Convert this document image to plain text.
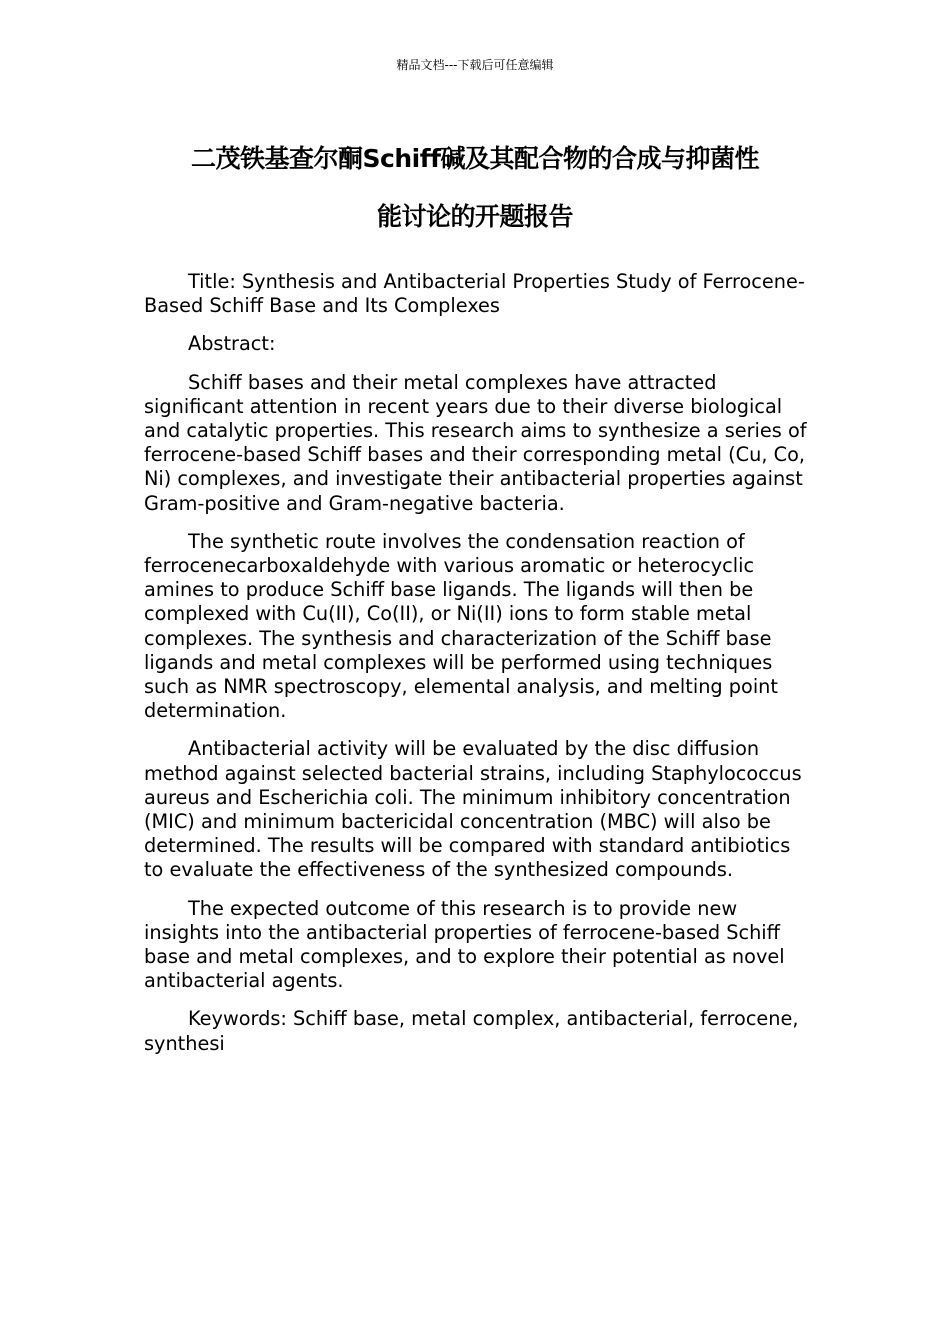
精品文档---下载后可任意编辑
二茂铁基查尔酮Schiff碱及其配合物的合成与抑菌性
能讨论的开题报告

Title: Synthesis and Antibacterial Properties Study of Ferrocene-Based Schiff Base and Its Complexes

Abstract:

Schiff bases and their metal complexes have attracted significant attention in recent years due to their diverse biological and catalytic properties. This research aims to synthesize a series of ferrocene-based Schiff bases and their corresponding metal (Cu, Co, Ni) complexes, and investigate their antibacterial properties against Gram-positive and Gram-negative bacteria.

The synthetic route involves the condensation reaction of ferrocenecarboxaldehyde with various aromatic or heterocyclic amines to produce Schiff base ligands. The ligands will then be complexed with Cu(II), Co(II), or Ni(II) ions to form stable metal complexes. The synthesis and characterization of the Schiff base ligands and metal complexes will be performed using techniques such as NMR spectroscopy, elemental analysis, and melting point determination.

Antibacterial activity will be evaluated by the disc diffusion method against selected bacterial strains, including Staphylococcus aureus and Escherichia coli. The minimum inhibitory concentration (MIC) and minimum bactericidal concentration (MBC) will also be determined. The results will be compared with standard antibiotics to evaluate the effectiveness of the synthesized compounds.

The expected outcome of this research is to provide new insights into the antibacterial properties of ferrocene-based Schiff base and metal complexes, and to explore their potential as novel antibacterial agents.

Keywords: Schiff base, metal complex, antibacterial, ferrocene, synthesi
